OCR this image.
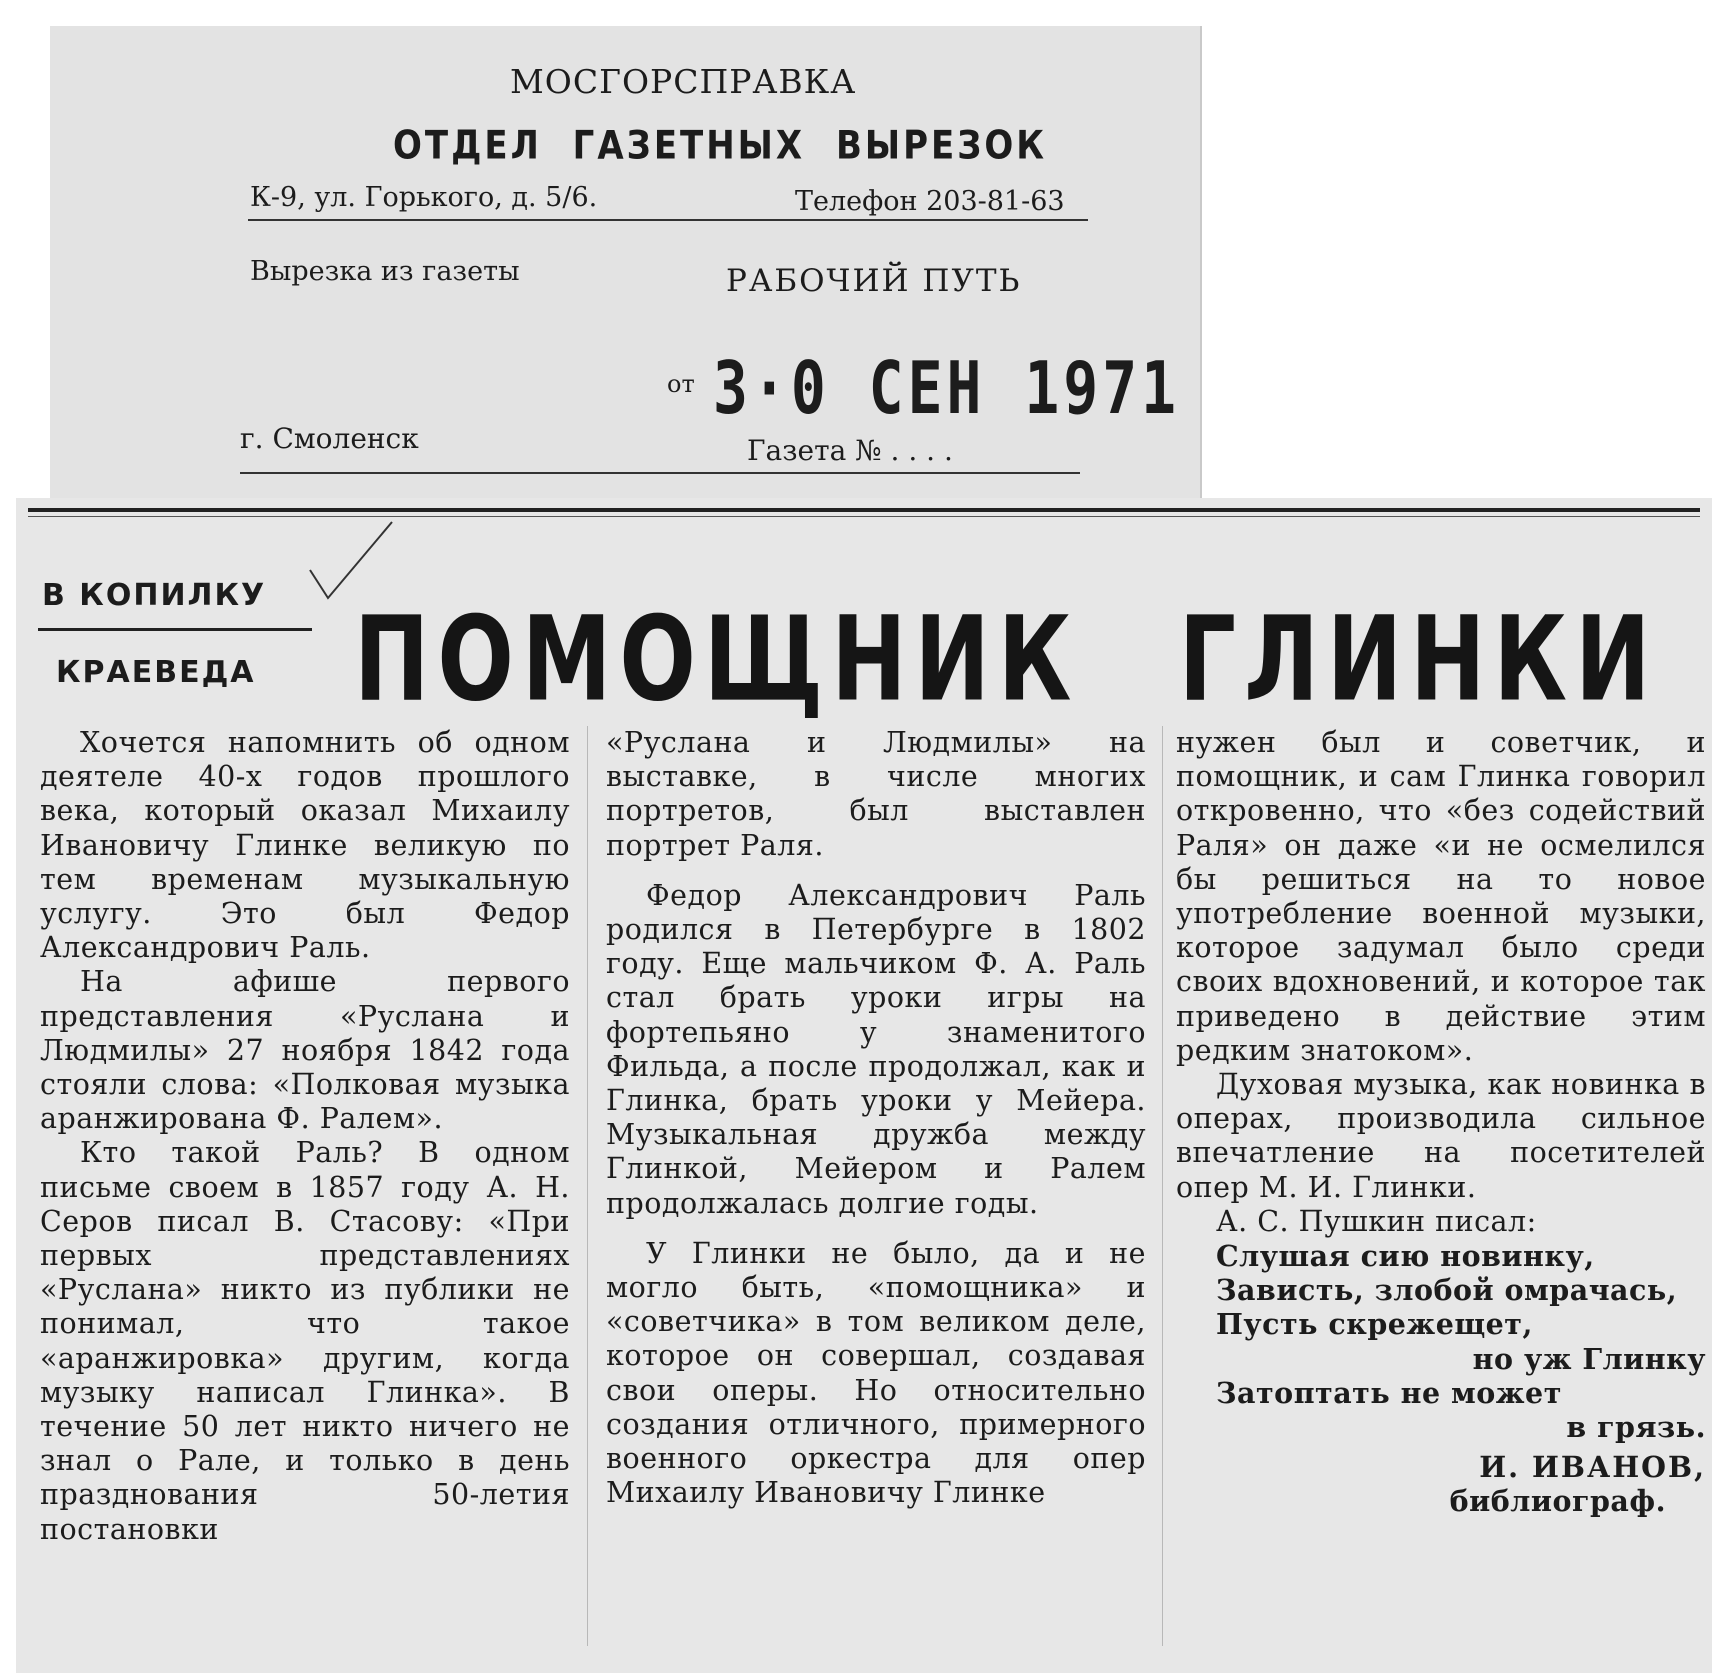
МОСГОРСПРАВКА
ОТДЕЛ ГАЗЕТНЫХ ВЫРЕЗОК
К-9, ул. Горького, д. 5/6.	Телефон 203-81-63
Вырезка из газеты	РАБОЧИЙ ПУТЬ
от 3·0 СЕН 1971
г. Смоленск	Газета № . . . .
В КОПИЛКУ
КРАЕВЕДА ПОМОЩНИК ГЛИНКИ

Хочется напомнить об одном деятеле 40-х годов прошлого века, который оказал Михаилу Ивановичу Глинке великую по тем временам музыкальную услугу. Это был Федор Александрович Раль.

На афише первого представления «Руслана и Людмилы» 27 ноября 1842 года стояли слова: «Полковая музыка аранжирована Ф. Ралем».

Кто такой Раль? В одном письме своем в 1857 году А. Н. Серов писал В. Стасову: «При первых представлениях «Руслана» никто из публики не понимал, что такое «аранжировка» другим, когда музыку написал Глинка». В течение 50 лет никто ничего не знал о Рале, и только в день празднования 50-летия постановки

«Руслана и Людмилы» на выставке, в числе многих портретов, был выставлен портрет Раля.

Федор Александрович Раль родился в Петербурге в 1802 году. Еще мальчиком Ф. А. Раль стал брать уроки игры на фортепьяно у знаменитого Фильда, а после продолжал, как и Глинка, брать уроки у Мейера. Музыкальная дружба между Глинкой, Мейером и Ралем продолжалась долгие годы.

У Глинки не было, да и не могло быть, «помощника» и «советчика» в том великом деле, которое он совершал, создавая свои оперы. Но относительно создания отличного, примерного военного оркестра для опер Михаилу Ивановичу Глинке

нужен был и советчик, и помощник, и сам Глинка говорил откровенно, что «без содействий Раля» он даже «и не осмелился бы решиться на то новое употребление военной музыки, которое задумал было среди своих вдохновений, и которое так приведено в действие этим редким знатоком».

Духовая музыка, как новинка в операх, производила сильное впечатление на посетителей опер М. И. Глинки.

А. С. Пушкин писал:

Слушая сию новинку,
Зависть, злобой омрачась,
Пусть скрежещет,
но уж Глинку
Затоптать не может
в грязь.
И. ИВАНОВ,
библиограф.
